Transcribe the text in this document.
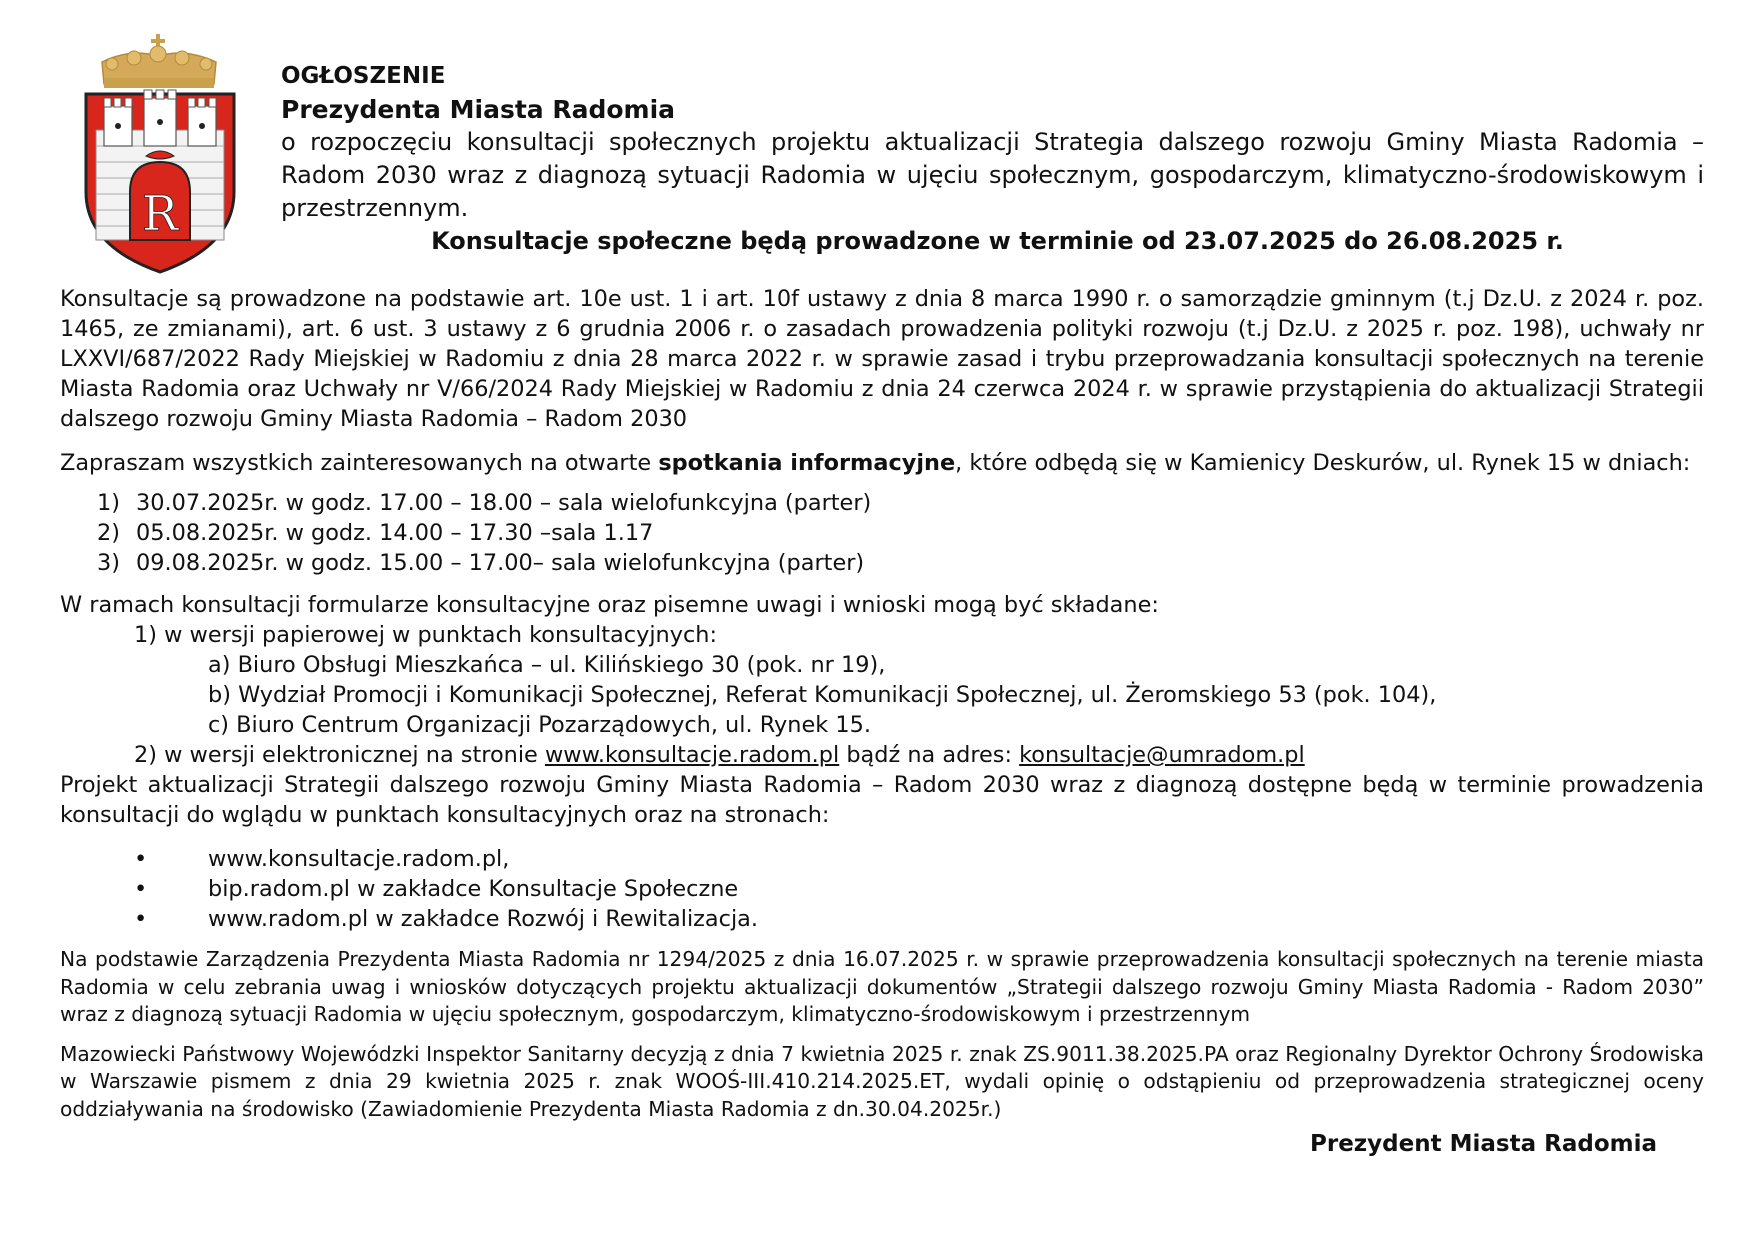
R
OGŁOSZENIE
Prezydenta Miasta Radomia
o rozpoczęciu konsultacji społecznych projektu aktualizacji Strategia dalszego rozwoju Gminy Miasta Radomia – Radom 2030 wraz z diagnozą sytuacji Radomia w ujęciu społecznym, gospodarczym, klimatyczno-środowiskowym i przestrzennym.
Konsultacje społeczne będą prowadzone w terminie od 23.07.2025 do 26.08.2025 r.

Konsultacje są prowadzone na podstawie art. 10e ust. 1 i art. 10f ustawy z dnia 8 marca 1990 r. o samorządzie gminnym (t.j Dz.U. z 2024 r. poz. 1465, ze zmianami), art. 6 ust. 3 ustawy z 6 grudnia 2006 r. o zasadach prowadzenia polityki rozwoju (t.j Dz.U. z 2025 r. poz. 198), uchwały nr LXXVI/687/2022 Rady Miejskiej w Radomiu z dnia 28 marca 2022 r. w sprawie zasad i trybu przeprowadzania konsultacji społecznych na terenie Miasta Radomia oraz Uchwały nr V/66/2024 Rady Miejskiej w Radomiu z dnia 24 czerwca 2024 r. w sprawie przystąpienia do aktualizacji Strategii dalszego rozwoju Gminy Miasta Radomia – Radom 2030

Zapraszam wszystkich zainteresowanych na otwarte spotkania informacyjne, które odbędą się w Kamienicy Deskurów, ul. Rynek 15 w dniach:

1) 30.07.2025r. w godz. 17.00 – 18.00 – sala wielofunkcyjna (parter)
2) 05.08.2025r. w godz. 14.00 – 17.30 –sala 1.17
3) 09.08.2025r. w godz. 15.00 – 17.00– sala wielofunkcyjna (parter)
W ramach konsultacji formularze konsultacyjne oraz pisemne uwagi i wnioski mogą być składane:
1) w wersji papierowej w punktach konsultacyjnych:
a) Biuro Obsługi Mieszkańca – ul. Kilińskiego 30 (pok. nr 19),
b) Wydział Promocji i Komunikacji Społecznej, Referat Komunikacji Społecznej, ul. Żeromskiego 53 (pok. 104),
c) Biuro Centrum Organizacji Pozarządowych, ul. Rynek 15.
2) w wersji elektronicznej na stronie www.konsultacje.radom.pl bądź na adres: konsultacje@umradom.pl

Projekt aktualizacji Strategii dalszego rozwoju Gminy Miasta Radomia – Radom 2030 wraz z diagnozą dostępne będą w terminie prowadzenia konsultacji do wglądu w punktach konsultacyjnych oraz na stronach:

•	www.konsultacje.radom.pl,
•	bip.radom.pl w zakładce Konsultacje Społeczne
•	www.radom.pl w zakładce Rozwój i Rewitalizacja.

Na podstawie Zarządzenia Prezydenta Miasta Radomia nr 1294/2025 z dnia 16.07.2025 r. w sprawie przeprowadzenia konsultacji społecznych na terenie miasta Radomia w celu zebrania uwag i wniosków dotyczących projektu aktualizacji dokumentów „Strategii dalszego rozwoju Gminy Miasta Radomia - Radom 2030” wraz z diagnozą sytuacji Radomia w ujęciu społecznym, gospodarczym, klimatyczno-środowiskowym i przestrzennym

Mazowiecki Państwowy Wojewódzki Inspektor Sanitarny decyzją z dnia 7 kwietnia 2025 r. znak ZS.9011.38.2025.PA oraz Regionalny Dyrektor Ochrony Środowiska w Warszawie pismem z dnia 29 kwietnia 2025 r. znak WOOŚ-III.410.214.2025.ET, wydali opinię o odstąpieniu od przeprowadzenia strategicznej oceny oddziaływania na środowisko (Zawiadomienie Prezydenta Miasta Radomia z dn.30.04.2025r.)

Prezydent Miasta Radomia
